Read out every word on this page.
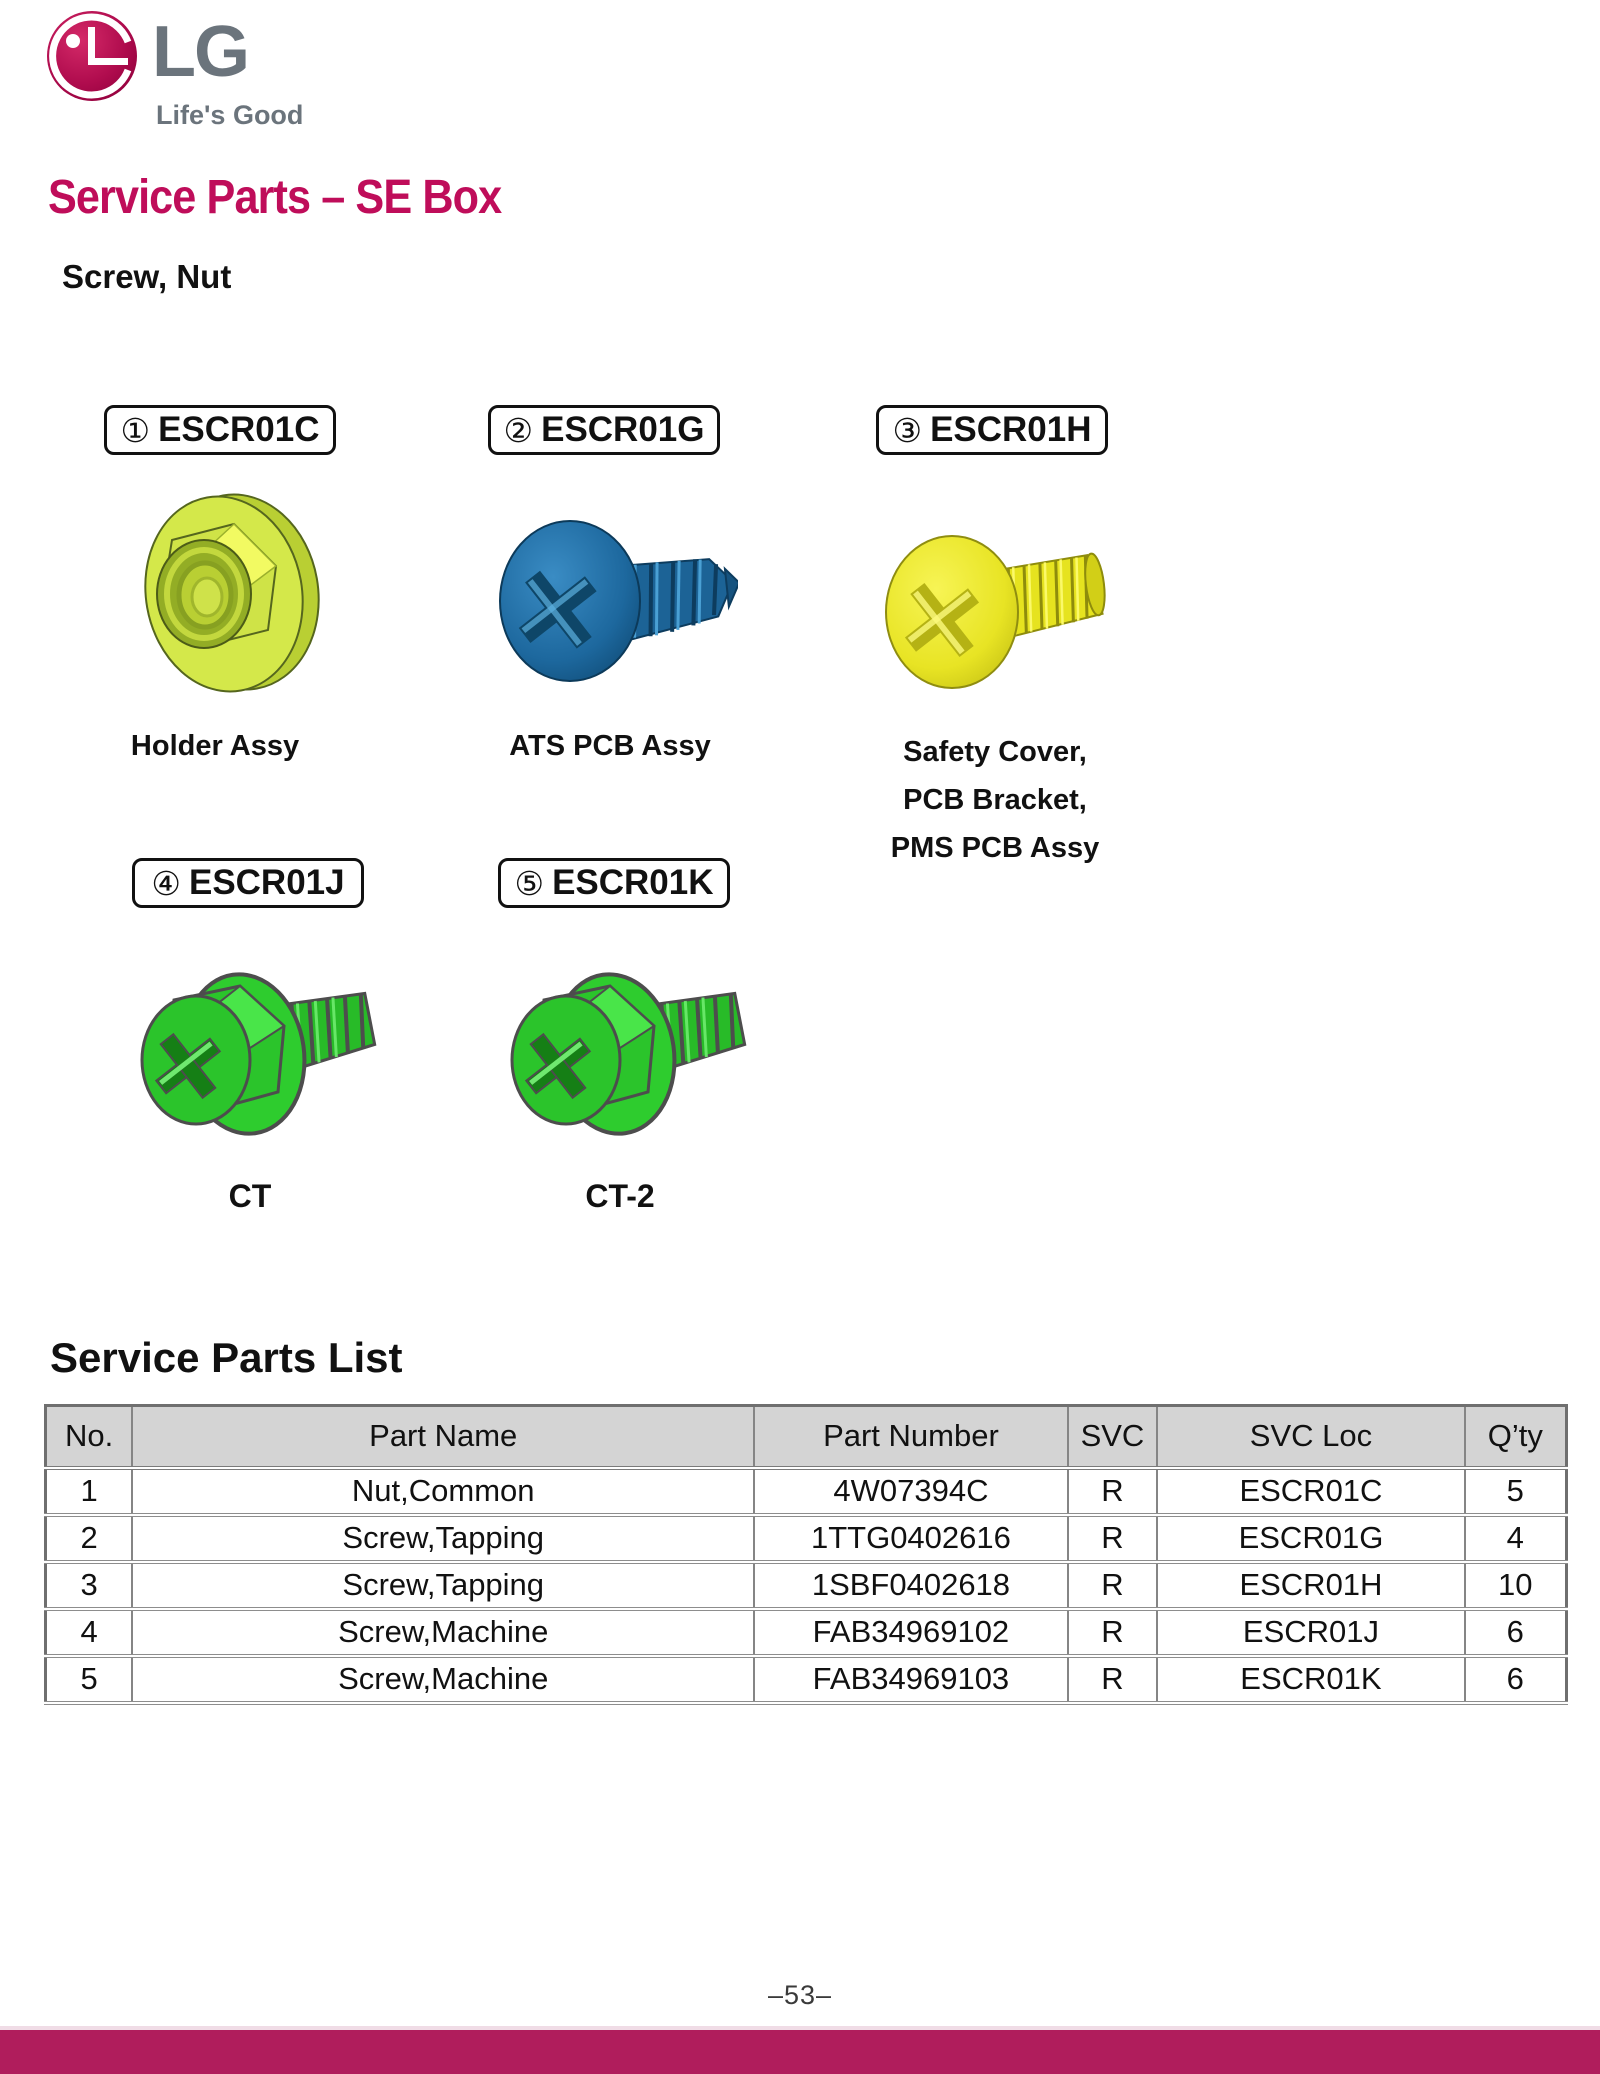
LG
Life's Good
Service Parts – SE Box
Screw, Nut
① ESCR01C	② ESCR01G	③ ESCR01H
④ ESCR01J	⑤ ESCR01K
Holder Assy	ATS PCB Assy	Safety Cover,
PCB Bracket,
PMS PCB Assy
CT	CT-2
Service Parts List
No.	Part Name	Part Number	SVC	SVC Loc	Q’ty
1	Nut,Common	4W07394C	R	ESCR01C	5
2	Screw,Tapping	1TTG0402616	R	ESCR01G	4
3	Screw,Tapping	1SBF0402618	R	ESCR01H	10
4	Screw,Machine	FAB34969102	R	ESCR01J	6
5	Screw,Machine	FAB34969103	R	ESCR01K	6
–53–
